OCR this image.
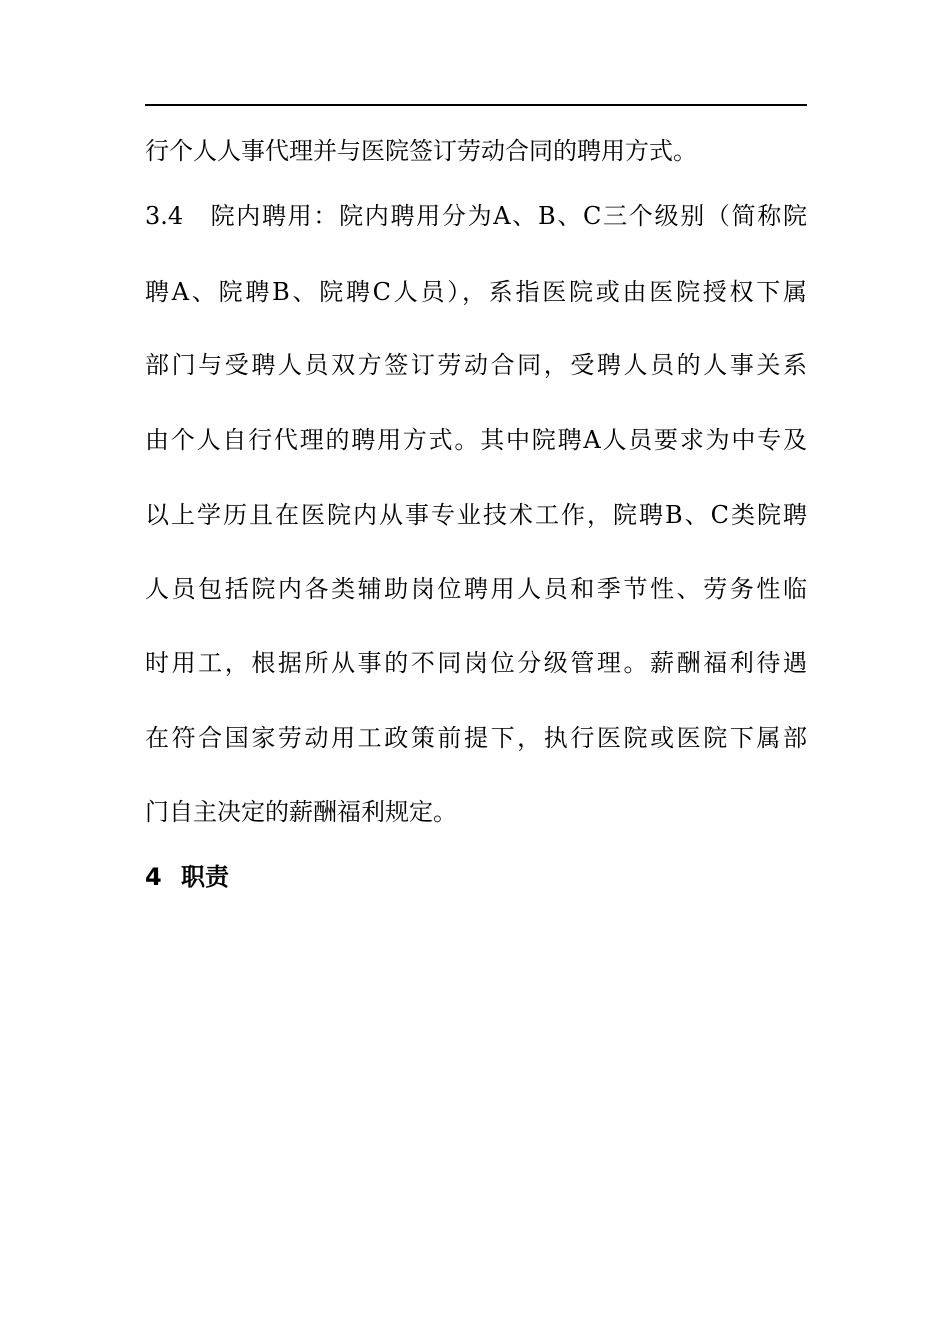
行个人人事代理并与医院签订劳动合同的聘用方式。
3.4　院内聘用：院内聘用分为A、B、C三个级别（简称院
聘A、院聘B、院聘C人员），系指医院或由医院授权下属
部门与受聘人员双方签订劳动合同，受聘人员的人事关系
由个人自行代理的聘用方式。其中院聘A人员要求为中专及
以上学历且在医院内从事专业技术工作，院聘B、C类院聘
人员包括院内各类辅助岗位聘用人员和季节性、劳务性临
时用工，根据所从事的不同岗位分级管理。薪酬福利待遇
在符合国家劳动用工政策前提下，执行医院或医院下属部
门自主决定的薪酬福利规定。
4 职责
